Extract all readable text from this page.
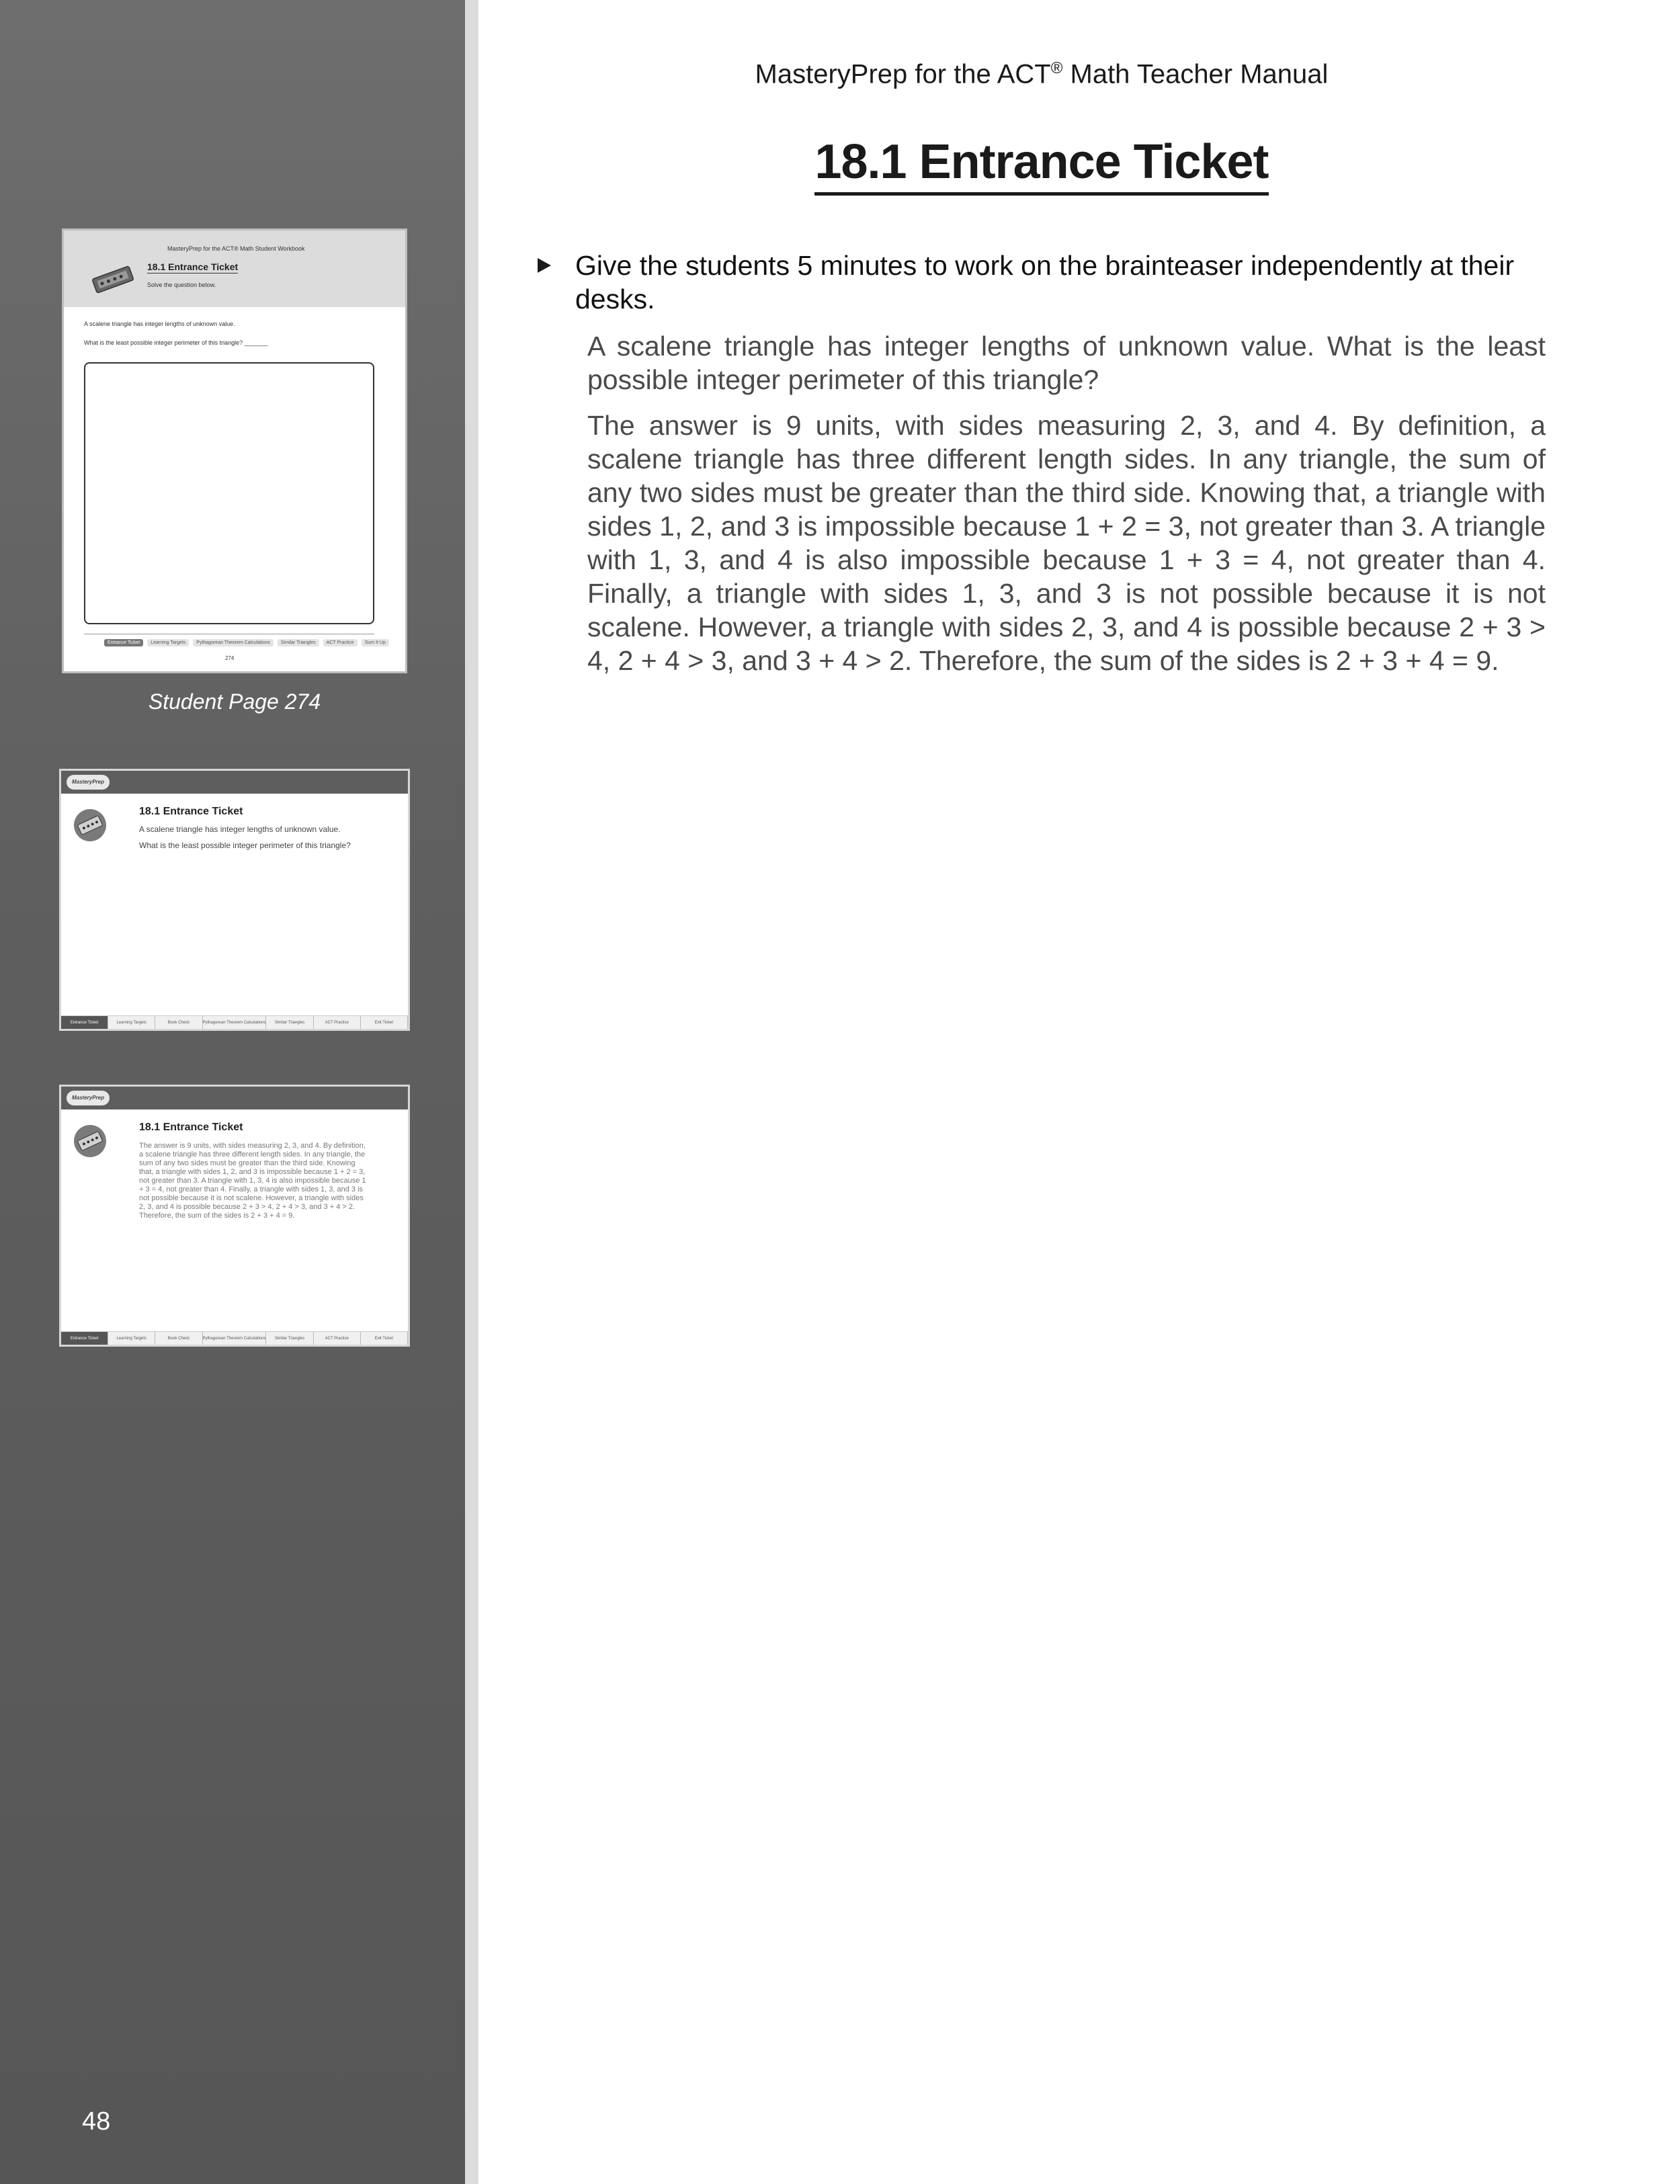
MasteryPrep for the ACT® Math Student Workbook
18.1 Entrance Ticket
Solve the question below.
A scalene triangle has integer lengths of unknown value.
What is the least possible integer perimeter of this triangle? _______
Entrance Ticket	Learning Targets	Pythagorean Theorem Calculations	Similar Triangles	ACT Practice	Sum It Up
274
Student Page 274
MasteryPrep
18.1 Entrance Ticket
A scalene triangle has integer lengths of unknown value.
What is the least possible integer perimeter of this triangle?
Entrance Ticket	Learning Targets	Book Check	Pythagorean Theorem Calculations	Similar Triangles	ACT Practice	Exit Ticket
MasteryPrep
18.1 Entrance Ticket
The answer is 9 units, with sides measuring 2, 3, and 4. By definition, a scalene triangle has three different length sides. In any triangle, the sum of any two sides must be greater than the third side. Knowing that, a triangle with sides 1, 2, and 3 is impossible because 1 + 2 = 3, not greater than 3. A triangle with 1, 3, 4 is also impossible because 1 + 3 = 4, not greater than 4. Finally, a triangle with sides 1, 3, and 3 is not possible because it is not scalene. However, a triangle with sides 2, 3, and 4 is possible because 2 + 3 > 4, 2 + 4 > 3, and 3 + 4 > 2. Therefore, the sum of the sides is 2 + 3 + 4 = 9.
Entrance Ticket	Learning Targets	Book Check	Pythagorean Theorem Calculations	Similar Triangles	ACT Practice	Exit Ticket
48
MasteryPrep for the ACT® Math Teacher Manual
18.1 Entrance Ticket
Give the students 5 minutes to work on the brainteaser independently at their desks.

A scalene triangle has integer lengths of unknown value. What is the least possible integer perimeter of this triangle?

The answer is 9 units, with sides measuring 2, 3, and 4. By definition, a scalene triangle has three different length sides. In any triangle, the sum of any two sides must be greater than the third side. Knowing that, a triangle with sides 1, 2, and 3 is impossible because 1 + 2 = 3, not greater than 3. A triangle with 1, 3, and 4 is also impossible because 1 + 3 = 4, not greater than 4. Finally, a triangle with sides 1, 3, and 3 is not possible because it is not scalene. However, a triangle with sides 2, 3, and 4 is possible because 2 + 3 > 4, 2 + 4 > 3, and 3 + 4 > 2. Therefore, the sum of the sides is 2 + 3 + 4 = 9.
